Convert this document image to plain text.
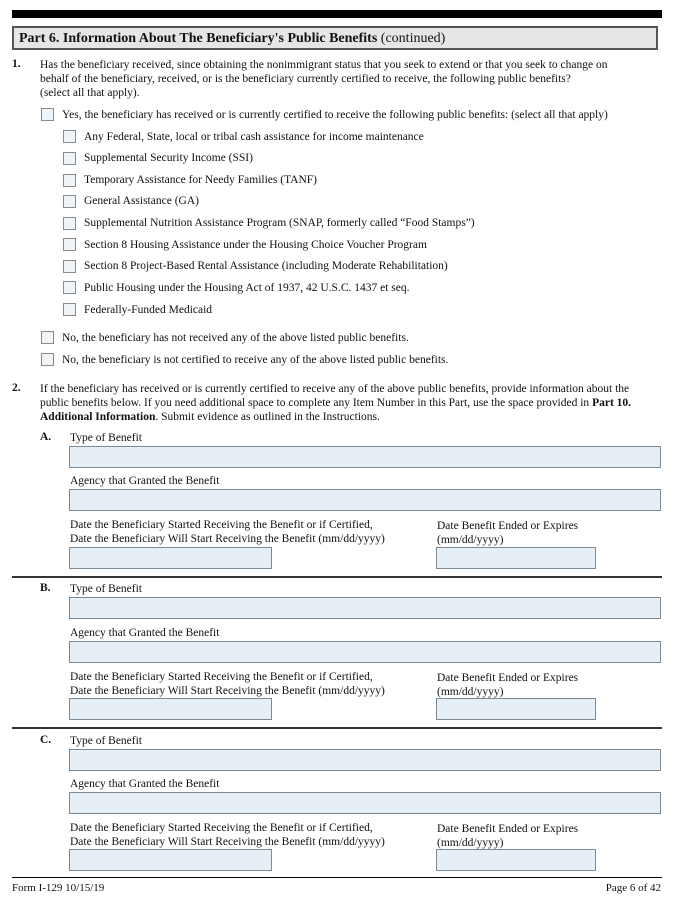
Part 6. Information About The Beneficiary's Public Benefits (continued)
1. Has the beneficiary received, since obtaining the nonimmigrant status that you seek to extend or that you seek to change on
behalf of the beneficiary, received, or is the beneficiary currently certified to receive, the following public benefits?
(select all that apply).
Yes, the beneficiary has received or is currently certified to receive the following public benefits: (select all that apply)
Any Federal, State, local or tribal cash assistance for income maintenance
Supplemental Security Income (SSI)
Temporary Assistance for Needy Families (TANF)
General Assistance (GA)
Supplemental Nutrition Assistance Program (SNAP, formerly called “Food Stamps”)
Section 8 Housing Assistance under the Housing Choice Voucher Program
Section 8 Project-Based Rental Assistance (including Moderate Rehabilitation)
Public Housing under the Housing Act of 1937, 42 U.S.C. 1437 et seq.
Federally-Funded Medicaid
No, the beneficiary has not received any of the above listed public benefits.
No, the beneficiary is not certified to receive any of the above listed public benefits.
2. If the beneficiary has received or is currently certified to receive any of the above public benefits, provide information about the
public benefits below. If you need additional space to complete any Item Number in this Part, use the space provided in Part 10.
Additional Information. Submit evidence as outlined in the Instructions.
A. Type of Benefit
Agency that Granted the Benefit
Date the Beneficiary Started Receiving the Benefit or if Certified,
Date the Beneficiary Will Start Receiving the Benefit (mm/dd/yyyy)
Date Benefit Ended or Expires
(mm/dd/yyyy)
B. Type of Benefit
Agency that Granted the Benefit
Date the Beneficiary Started Receiving the Benefit or if Certified,
Date the Beneficiary Will Start Receiving the Benefit (mm/dd/yyyy)
Date Benefit Ended or Expires
(mm/dd/yyyy)
C. Type of Benefit
Agency that Granted the Benefit
Date the Beneficiary Started Receiving the Benefit or if Certified,
Date the Beneficiary Will Start Receiving the Benefit (mm/dd/yyyy)
Date Benefit Ended or Expires
(mm/dd/yyyy)
Form I-129 10/15/19	Page 6 of 42
